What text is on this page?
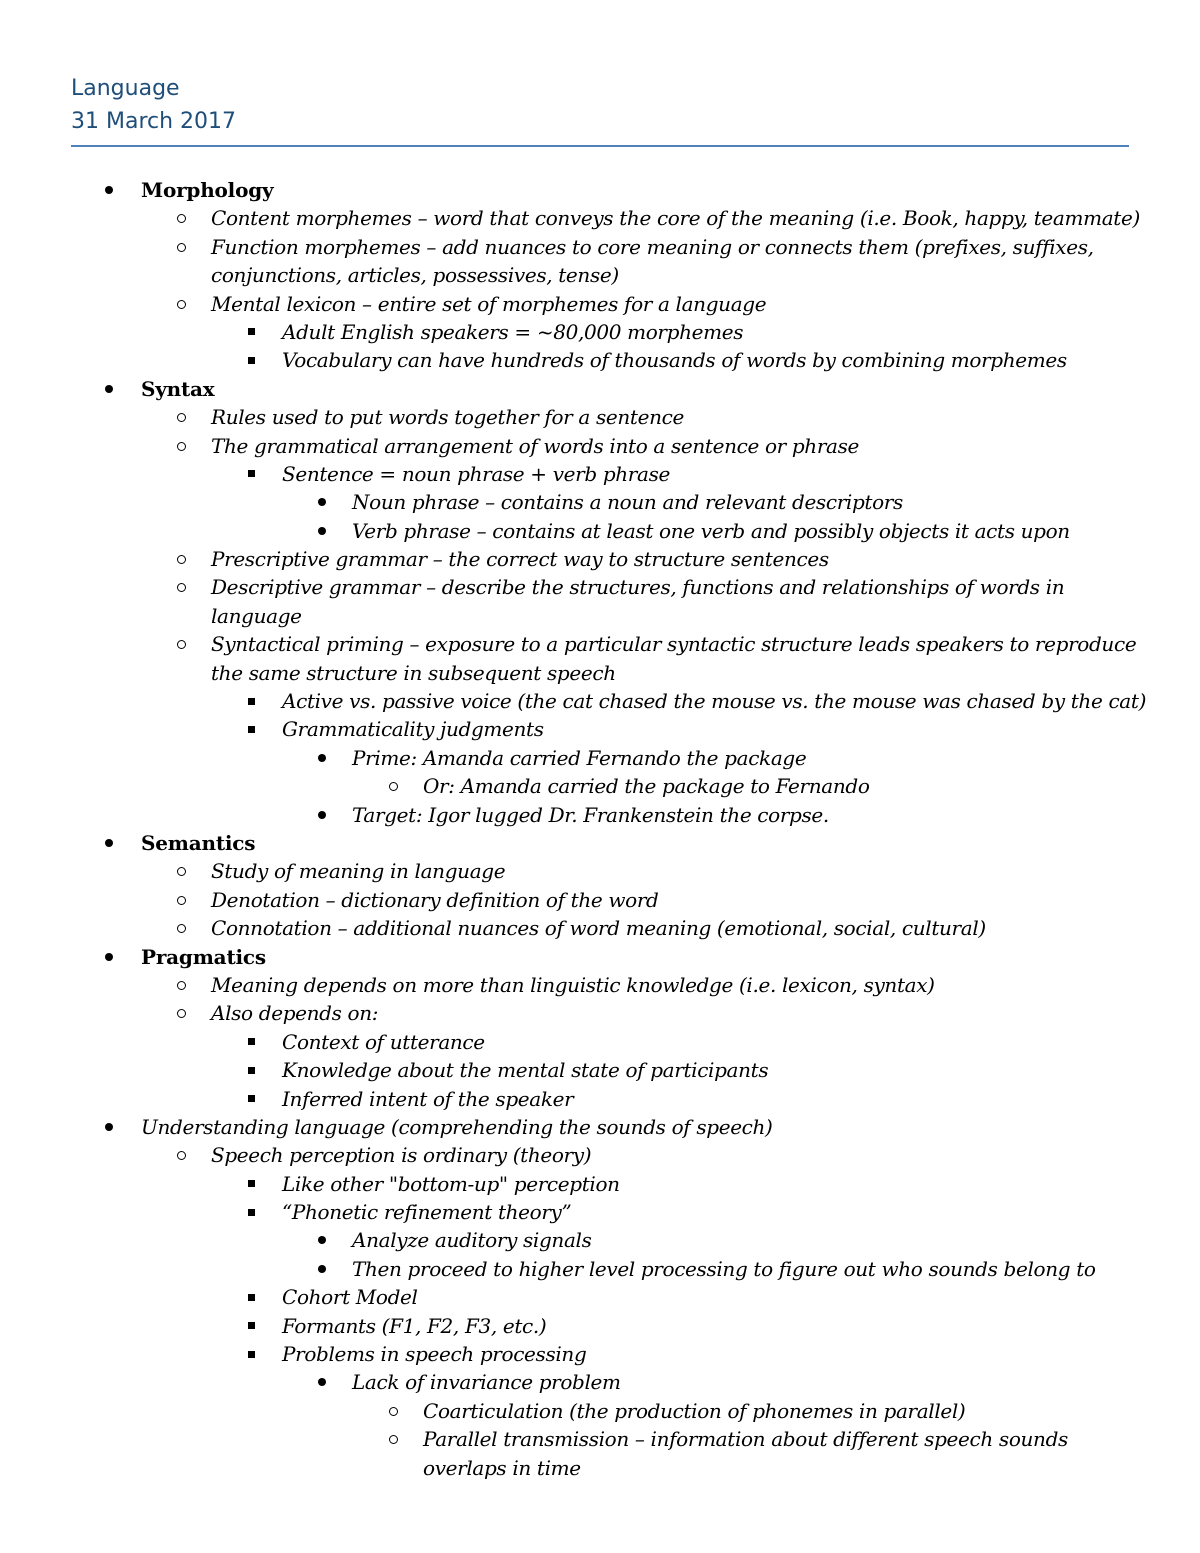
Language
31 March 2017
Morphology
Content morphemes – word that conveys the core of the meaning (i.e. Book, happy, teammate)
Function morphemes – add nuances to core meaning or connects them (prefixes, suffixes,
conjunctions, articles, possessives, tense)
Mental lexicon – entire set of morphemes for a language
Adult English speakers = ~80,000 morphemes
Vocabulary can have hundreds of thousands of words by combining morphemes
Syntax
Rules used to put words together for a sentence
The grammatical arrangement of words into a sentence or phrase
Sentence = noun phrase + verb phrase
Noun phrase – contains a noun and relevant descriptors
Verb phrase – contains at least one verb and possibly objects it acts upon
Prescriptive grammar – the correct way to structure sentences
Descriptive grammar – describe the structures, functions and relationships of words in
language
Syntactical priming – exposure to a particular syntactic structure leads speakers to reproduce
the same structure in subsequent speech
Active vs. passive voice (the cat chased the mouse vs. the mouse was chased by the cat)
Grammaticality judgments
Prime: Amanda carried Fernando the package
Or: Amanda carried the package to Fernando
Target: Igor lugged Dr. Frankenstein the corpse.
Semantics
Study of meaning in language
Denotation – dictionary definition of the word
Connotation – additional nuances of word meaning (emotional, social, cultural)
Pragmatics
Meaning depends on more than linguistic knowledge (i.e. lexicon, syntax)
Also depends on:
Context of utterance
Knowledge about the mental state of participants
Inferred intent of the speaker
Understanding language (comprehending the sounds of speech)
Speech perception is ordinary (theory)
Like other "bottom-up" perception
“Phonetic refinement theory”
Analyze auditory signals
Then proceed to higher level processing to figure out who sounds belong to
Cohort Model
Formants (F1, F2, F3, etc.)
Problems in speech processing
Lack of invariance problem
Coarticulation (the production of phonemes in parallel)
Parallel transmission – information about different speech sounds
overlaps in time
